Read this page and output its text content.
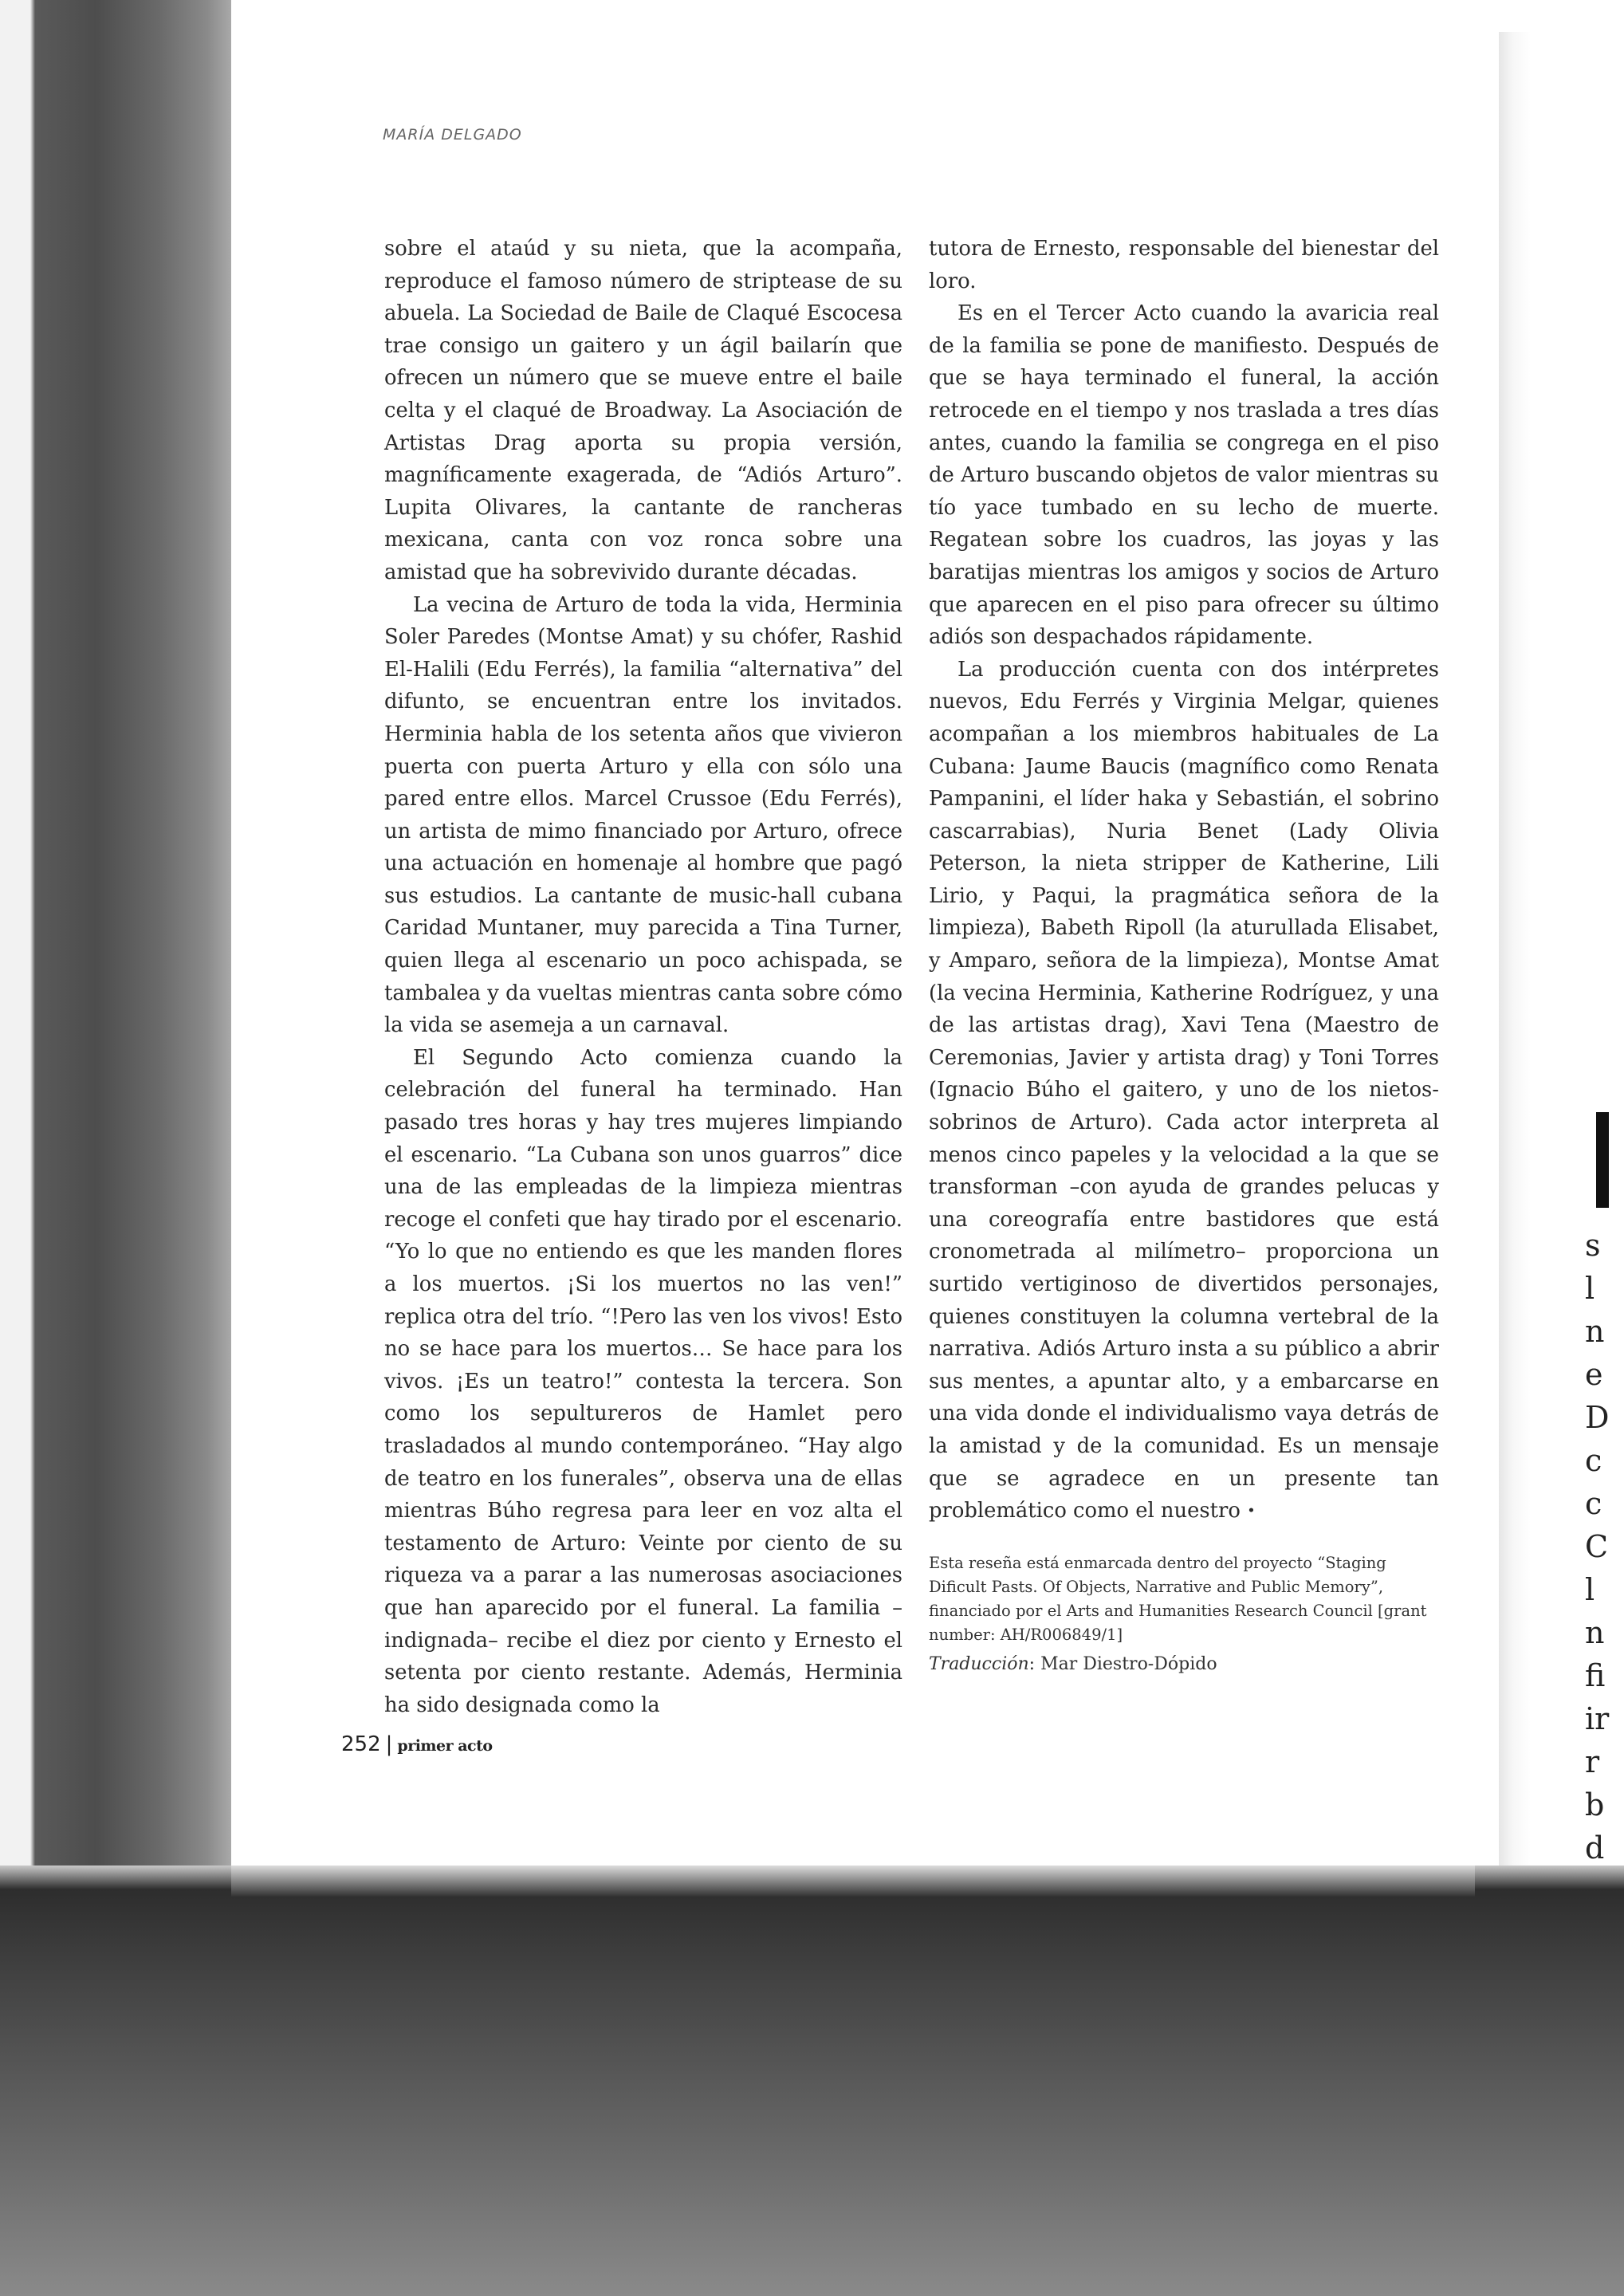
s
l
n
e
D
c
c
C
l
n
fi
ir
r
b
d
MARÍA DELGADO

sobre el ataúd y su nieta, que la acompaña, reproduce el famoso número de striptease de su abuela. La Sociedad de Baile de Claqué Escocesa trae consigo un gaitero y un ágil bailarín que ofrecen un número que se mueve entre el baile celta y el claqué de Broadway. La Asociación de Artistas Drag aporta su propia versión, magníficamente exagerada, de “Adiós Arturo”. Lupita Olivares, la cantante de rancheras mexicana, canta con voz ronca sobre una amistad que ha sobrevivido durante décadas.

La vecina de Arturo de toda la vida, Herminia Soler Paredes (Montse Amat) y su chófer, Rashid El-Halili (Edu Ferrés), la familia “alternativa” del difunto, se encuentran entre los invitados. Herminia habla de los setenta años que vivieron puerta con puerta Arturo y ella con sólo una pared entre ellos. Marcel Crussoe (Edu Ferrés), un artista de mimo financiado por Arturo, ofrece una actuación en homenaje al hombre que pagó sus estudios. La cantante de music-hall cubana Caridad Muntaner, muy parecida a Tina Turner, quien llega al escenario un poco achispada, se tambalea y da vueltas mientras canta sobre cómo la vida se asemeja a un carnaval.

El Segundo Acto comienza cuando la celebración del funeral ha terminado. Han pasado tres horas y hay tres mujeres limpiando el escenario. “La Cubana son unos guarros” dice una de las empleadas de la limpieza mientras recoge el confeti que hay tirado por el escenario. “Yo lo que no entiendo es que les manden flores a los muertos. ¡Si los muertos no las ven!” replica otra del trío. “!Pero las ven los vivos! Esto no se hace para los muertos… Se hace para los vivos. ¡Es un teatro!” contesta la tercera. Son como los sepultureros de Hamlet pero trasladados al mundo contemporáneo. “Hay algo de teatro en los funerales”, observa una de ellas mientras Búho regresa para leer en voz alta el testamento de Arturo: Veinte por ciento de su riqueza va a parar a las numerosas asociaciones que han aparecido por el funeral. La familia –indignada– recibe el diez por ciento y Ernesto el setenta por ciento restante. Además, Herminia ha sido designada como la

tutora de Ernesto, responsable del bienestar del loro.

Es en el Tercer Acto cuando la avaricia real de la familia se pone de manifiesto. Después de que se haya terminado el funeral, la acción retrocede en el tiempo y nos traslada a tres días antes, cuando la familia se congrega en el piso de Arturo buscando objetos de valor mientras su tío yace tumbado en su lecho de muerte. Regatean sobre los cuadros, las joyas y las baratijas mientras los amigos y socios de Arturo que aparecen en el piso para ofrecer su último adiós son despachados rápidamente.

La producción cuenta con dos intérpretes nuevos, Edu Ferrés y Virginia Melgar, quienes acompañan a los miembros habituales de La Cubana: Jaume Baucis (magnífico como Renata Pampanini, el líder haka y Sebastián, el sobrino cascarrabias), Nuria Benet (Lady Olivia Peterson, la nieta stripper de Katherine, Lili Lirio, y Paqui, la pragmática señora de la limpieza), Babeth Ripoll (la aturullada Elisabet, y Amparo, señora de la limpieza), Montse Amat (la vecina Herminia, Katherine Rodríguez, y una de las artistas drag), Xavi Tena (Maestro de Ceremonias, Javier y artista drag) y Toni Torres (Ignacio Búho el gaitero, y uno de los nietos-sobrinos de Arturo). Cada actor interpreta al menos cinco papeles y la velocidad a la que se transforman –con ayuda de grandes pelucas y una coreografía entre bastidores que está cronometrada al milímetro– proporciona un surtido vertiginoso de divertidos personajes, quienes constituyen la columna vertebral de la narrativa. Adiós Arturo insta a su público a abrir sus mentes, a apuntar alto, y a embarcarse en una vida donde el individualismo vaya detrás de la amistad y de la comunidad. Es un mensaje que se agradece en un presente tan problemático como el nuestro •

Esta reseña está enmarcada dentro del proyecto “Staging Dificult Pasts. Of Objects, Narrative and Public Memory”, financiado por el Arts and Humanities Research Council [grant number: AH/R006849/1]
Traducción: Mar Diestro-Dópido
252 | primer acto
